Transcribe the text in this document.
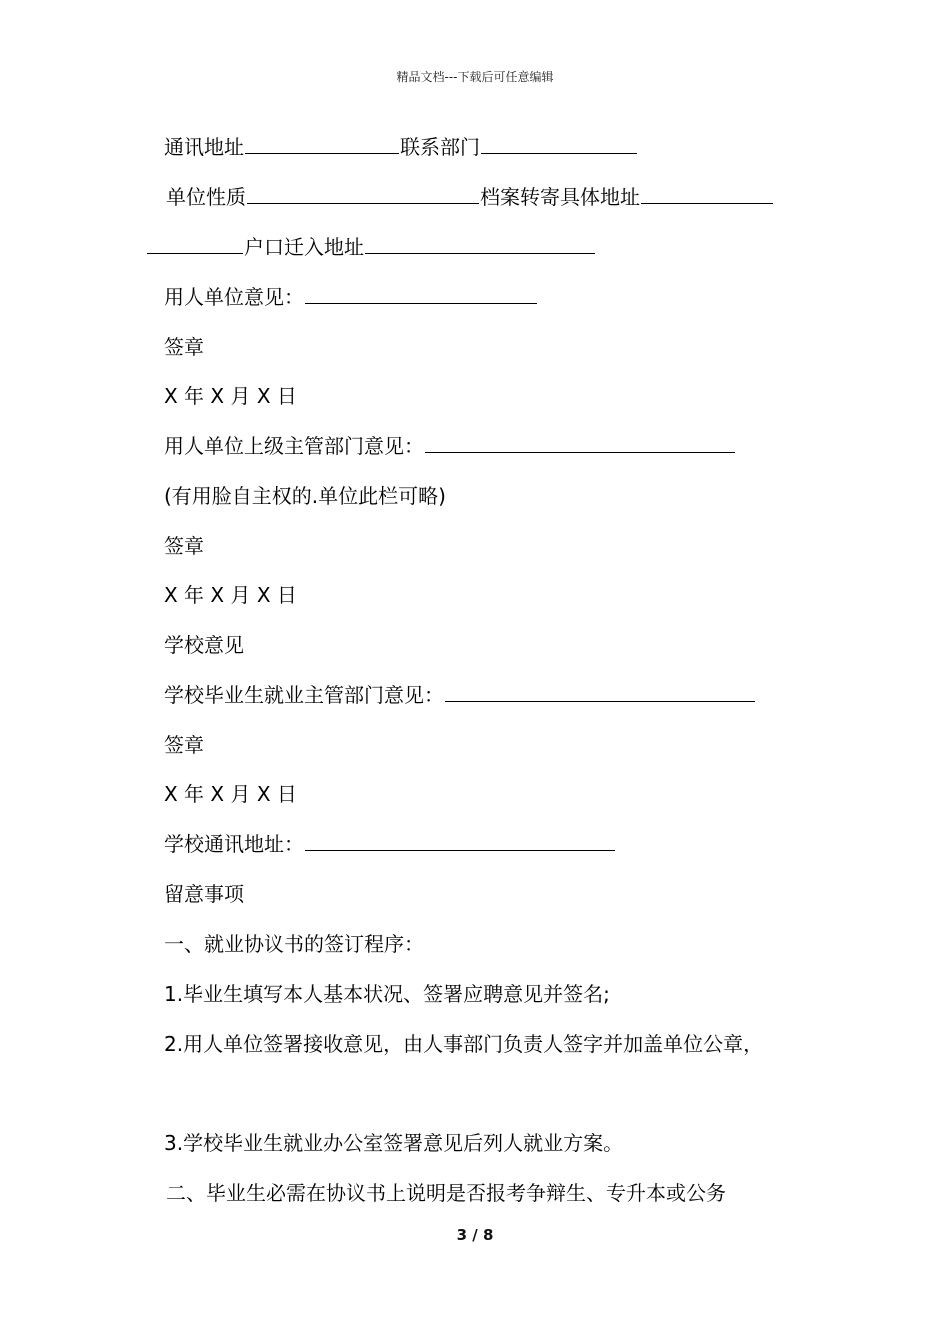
精品文档---下载后可任意编辑
通讯地址	联系部门
单位性质	档案转寄具体地址
户口迁入地址
用人单位意见：
签章
X 年 X 月 X 日
用人单位上级主管部门意见：
(有用脸自主权的.单位此栏可略)
签章
X 年 X 月 X 日
学校意见
学校毕业生就业主管部门意见：
签章
X 年 X 月 X 日
学校通讯地址：
留意事项
一、就业协议书的签订程序：
1.毕业生填写本人基本状况、签署应聘意见并签名;
2.用人单位签署接收意见，由人事部门负责人签字并加盖单位公章，
3.学校毕业生就业办公室签署意见后列人就业方案。
二、毕业生必需在协议书上说明是否报考争辩生、专升本或公务
3 / 8
